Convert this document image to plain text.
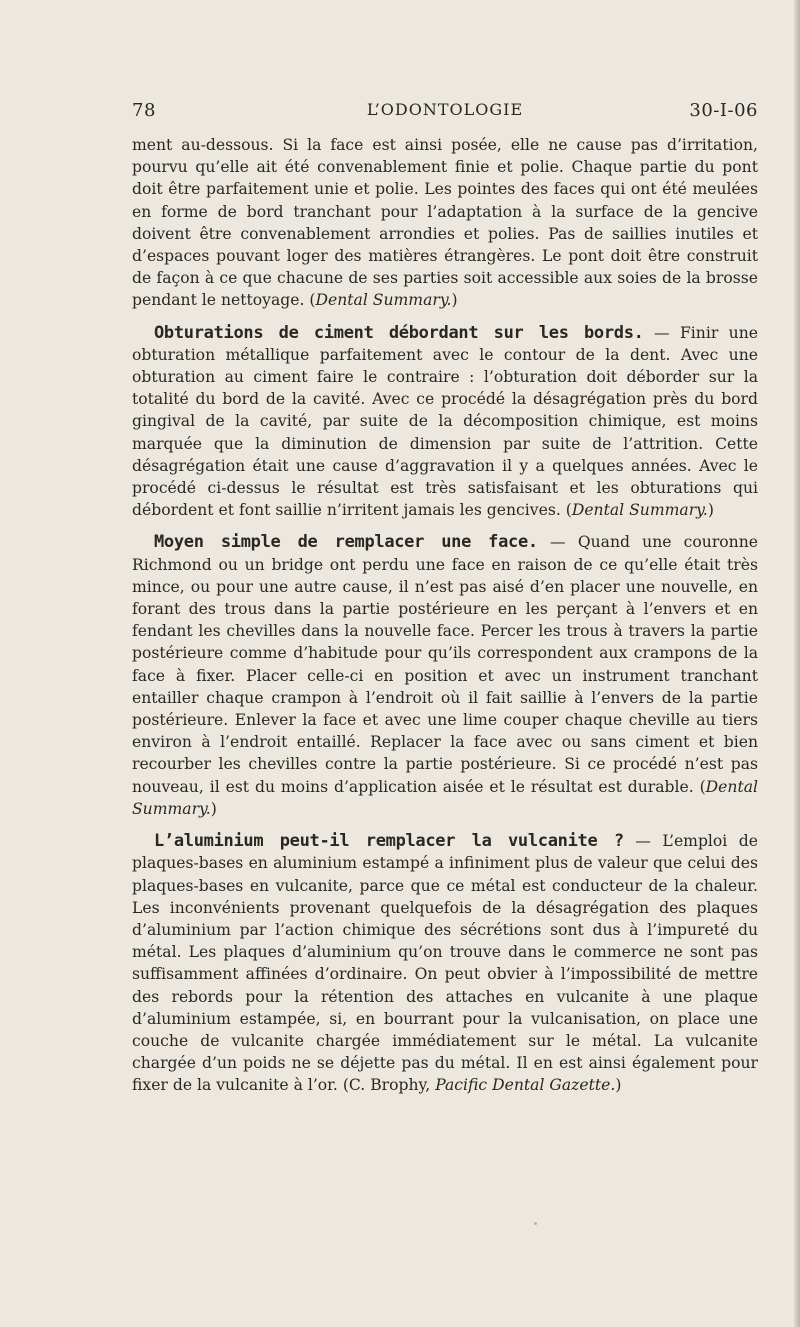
78	L’ODONTOLOGIE	30-I-06

ment au-dessous. Si la face est ainsi posée, elle ne cause pas d’irritation, pourvu qu’elle ait été convenablement finie et polie. Chaque partie du pont doit être parfaitement unie et polie. Les pointes des faces qui ont été meulées en forme de bord tranchant pour l’adaptation à la surface de la gencive doivent être convenablement arrondies et polies. Pas de saillies inutiles et d’espaces pouvant loger des matières étrangères. Le pont doit être construit de façon à ce que chacune de ses parties soit accessible aux soies de la brosse pendant le nettoyage. (Dental Summary.)

Obturations de ciment débordant sur les bords. — Finir une obturation métallique parfaitement avec le contour de la dent. Avec une obturation au ciment faire le contraire : l’obturation doit déborder sur la totalité du bord de la cavité. Avec ce procédé la désagrégation près du bord gingival de la cavité, par suite de la décomposition chimique, est moins marquée que la diminution de dimension par suite de l’attrition. Cette désagrégation était une cause d’aggravation il y a quelques années. Avec le procédé ci-dessus le résultat est très satisfaisant et les obturations qui débordent et font saillie n’irritent jamais les gencives. (Dental Summary.)

Moyen simple de remplacer une face. — Quand une couronne Richmond ou un bridge ont perdu une face en raison de ce qu’elle était très mince, ou pour une autre cause, il n’est pas aisé d’en placer une nouvelle, en forant des trous dans la partie postérieure en les perçant à l’envers et en fendant les chevilles dans la nouvelle face. Percer les trous à travers la partie postérieure comme d’habitude pour qu’ils correspondent aux crampons de la face à fixer. Placer celle-ci en position et avec un instrument tranchant entailler chaque crampon à l’endroit où il fait saillie à l’envers de la partie postérieure. Enlever la face et avec une lime couper chaque cheville au tiers environ à l’endroit entaillé. Replacer la face avec ou sans ciment et bien recourber les chevilles contre la partie postérieure. Si ce procédé n’est pas nouveau, il est du moins d’application aisée et le résultat est durable. (Dental Summary.)

L’aluminium peut-il remplacer la vulcanite ? — L’emploi de plaques-bases en aluminium estampé a infiniment plus de valeur que celui des plaques-bases en vulcanite, parce que ce métal est conducteur de la chaleur. Les inconvénients provenant quelquefois de la désagrégation des plaques d’aluminium par l’action chimique des sécrétions sont dus à l’impureté du métal. Les plaques d’aluminium qu’on trouve dans le commerce ne sont pas suffisamment affinées d’ordinaire. On peut obvier à l’impossibilité de mettre des rebords pour la rétention des attaches en vulcanite à une plaque d’aluminium estampée, si, en bourrant pour la vulcanisation, on place une couche de vulcanite chargée immédiatement sur le métal. La vulcanite chargée d’un poids ne se déjette pas du métal. Il en est ainsi également pour fixer de la vulcanite à l’or. (C. Brophy, Pacific Dental Gazette.)
